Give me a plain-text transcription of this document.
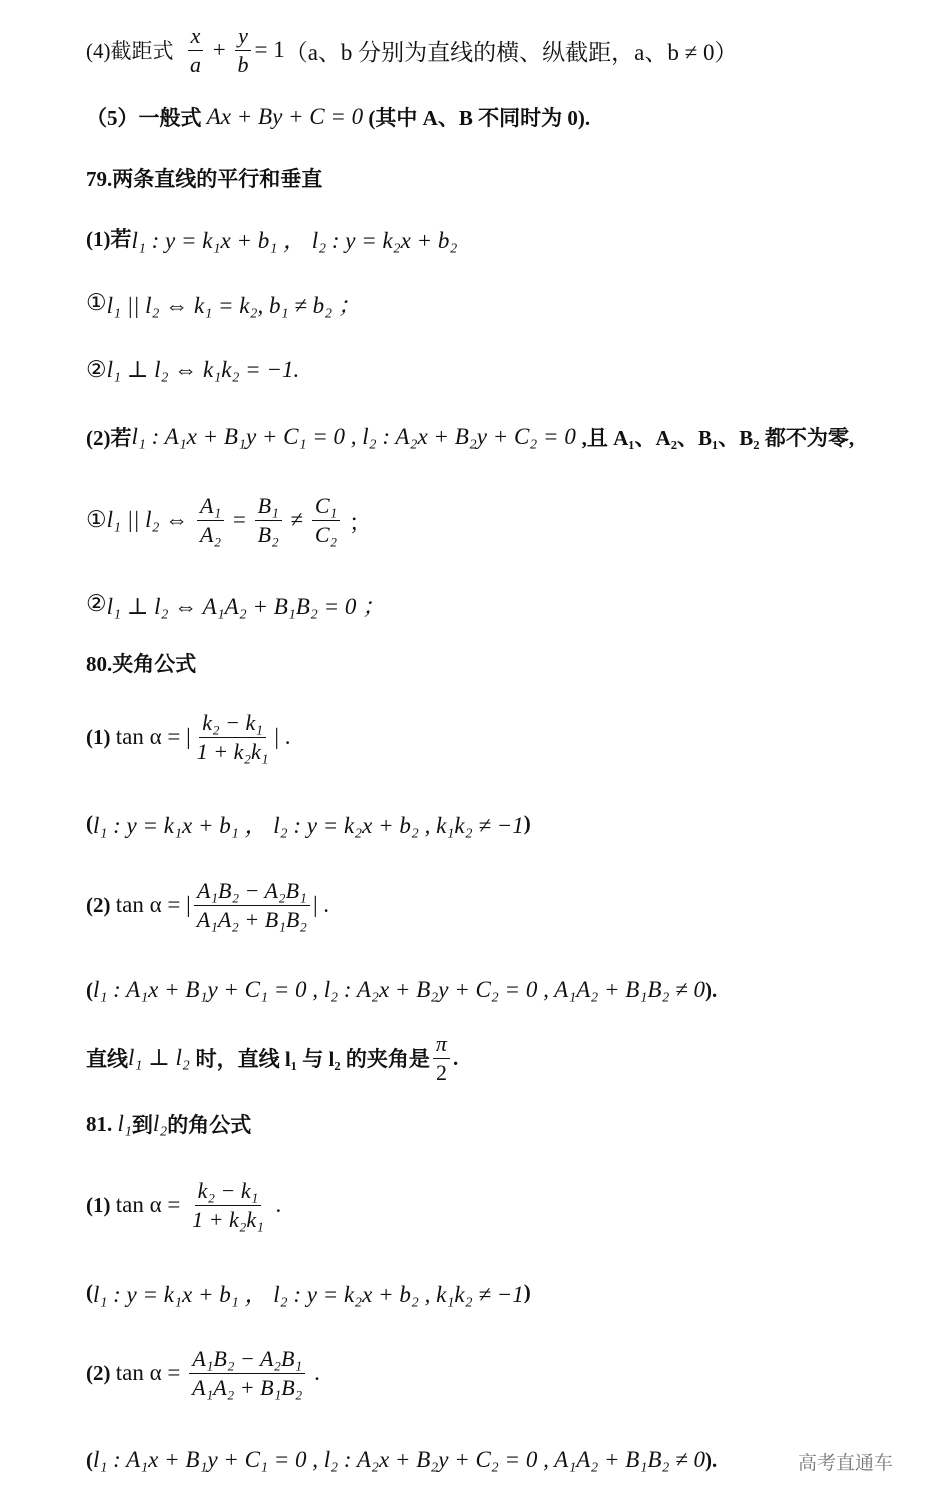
(4)截距式 $\frac{x}{a} + \frac{y}{b} = 1$ （a、b 分别为直线的横、纵截距，a、b ≠ 0）
（5）一般式 Ax + By + C = 0 (其中 A、B 不同时为 0).
79.两条直线的平行和垂直
(1)若 l₁ : y = k₁x + b₁ ， l₂ : y = k₂x + b₂
① l₁ || l₂ ⇔ k₁ = k₂, b₁ ≠ b₂ ；
② l₁ ⊥ l₂ ⇔ k₁k₂ = −1.
(2)若 l₁ : A₁x + B₁y + C₁ = 0 , l₂ : A₂x + B₂y + C₂ = 0 ,且 A₁、A₂、B₁、B₂ 都不为零,
① l₁ || l₂ ⇔ $\frac{\text{A₁}}{\text{A₂}} = \frac{\text{B₁}}{\text{B₂}} \ne \frac{\text{C₁}}{\text{C₂}}$ ；
② l₁ ⊥ l₂ ⇔ A₁A₂ + B₁B₂ = 0 ；
80.夹角公式
(1) tan α = | $\frac{\text{k₂ − k₁}}{\text{1 + k₂k₁}}$ | .
( l₁ : y = k₁x + b₁ ， l₂ : y = k₂x + b₂ , k₁k₂ ≠ −1 )
(2) tan α = | $\frac{\text{A₁B₂ − A₂B₁}}{\text{A₁A₂ + B₁B₂}}$ | .
( l₁ : A₁x + B₁y + C₁ = 0 , l₂ : A₂x + B₂y + C₂ = 0 , A₁A₂ + B₁B₂ ≠ 0 ).
直线 l₁ ⊥ l₂ 时，直线 l₁ 与 l₂ 的夹角是 $\frac{\pi}{2}$ .
81. l₁ 到 l₂ 的角公式
(1) $\tan \alpha = \frac{\text{k₂ − k₁}}{\text{1 + k₂k₁}}$ .
( l₁ : y = k₁x + b₁ ， l₂ : y = k₂x + b₂ , k₁k₂ ≠ −1 )
(2) $\tan \alpha = \frac{\text{A₁B₂ − A₂B₁}}{\text{A₁A₂ + B₁B₂}}$ .
( l₁ : A₁x + B₁y + C₁ = 0 , l₂ : A₂x + B₂y + C₂ = 0 , A₁A₂ + B₁B₂ ≠ 0 ).	高考直通车
